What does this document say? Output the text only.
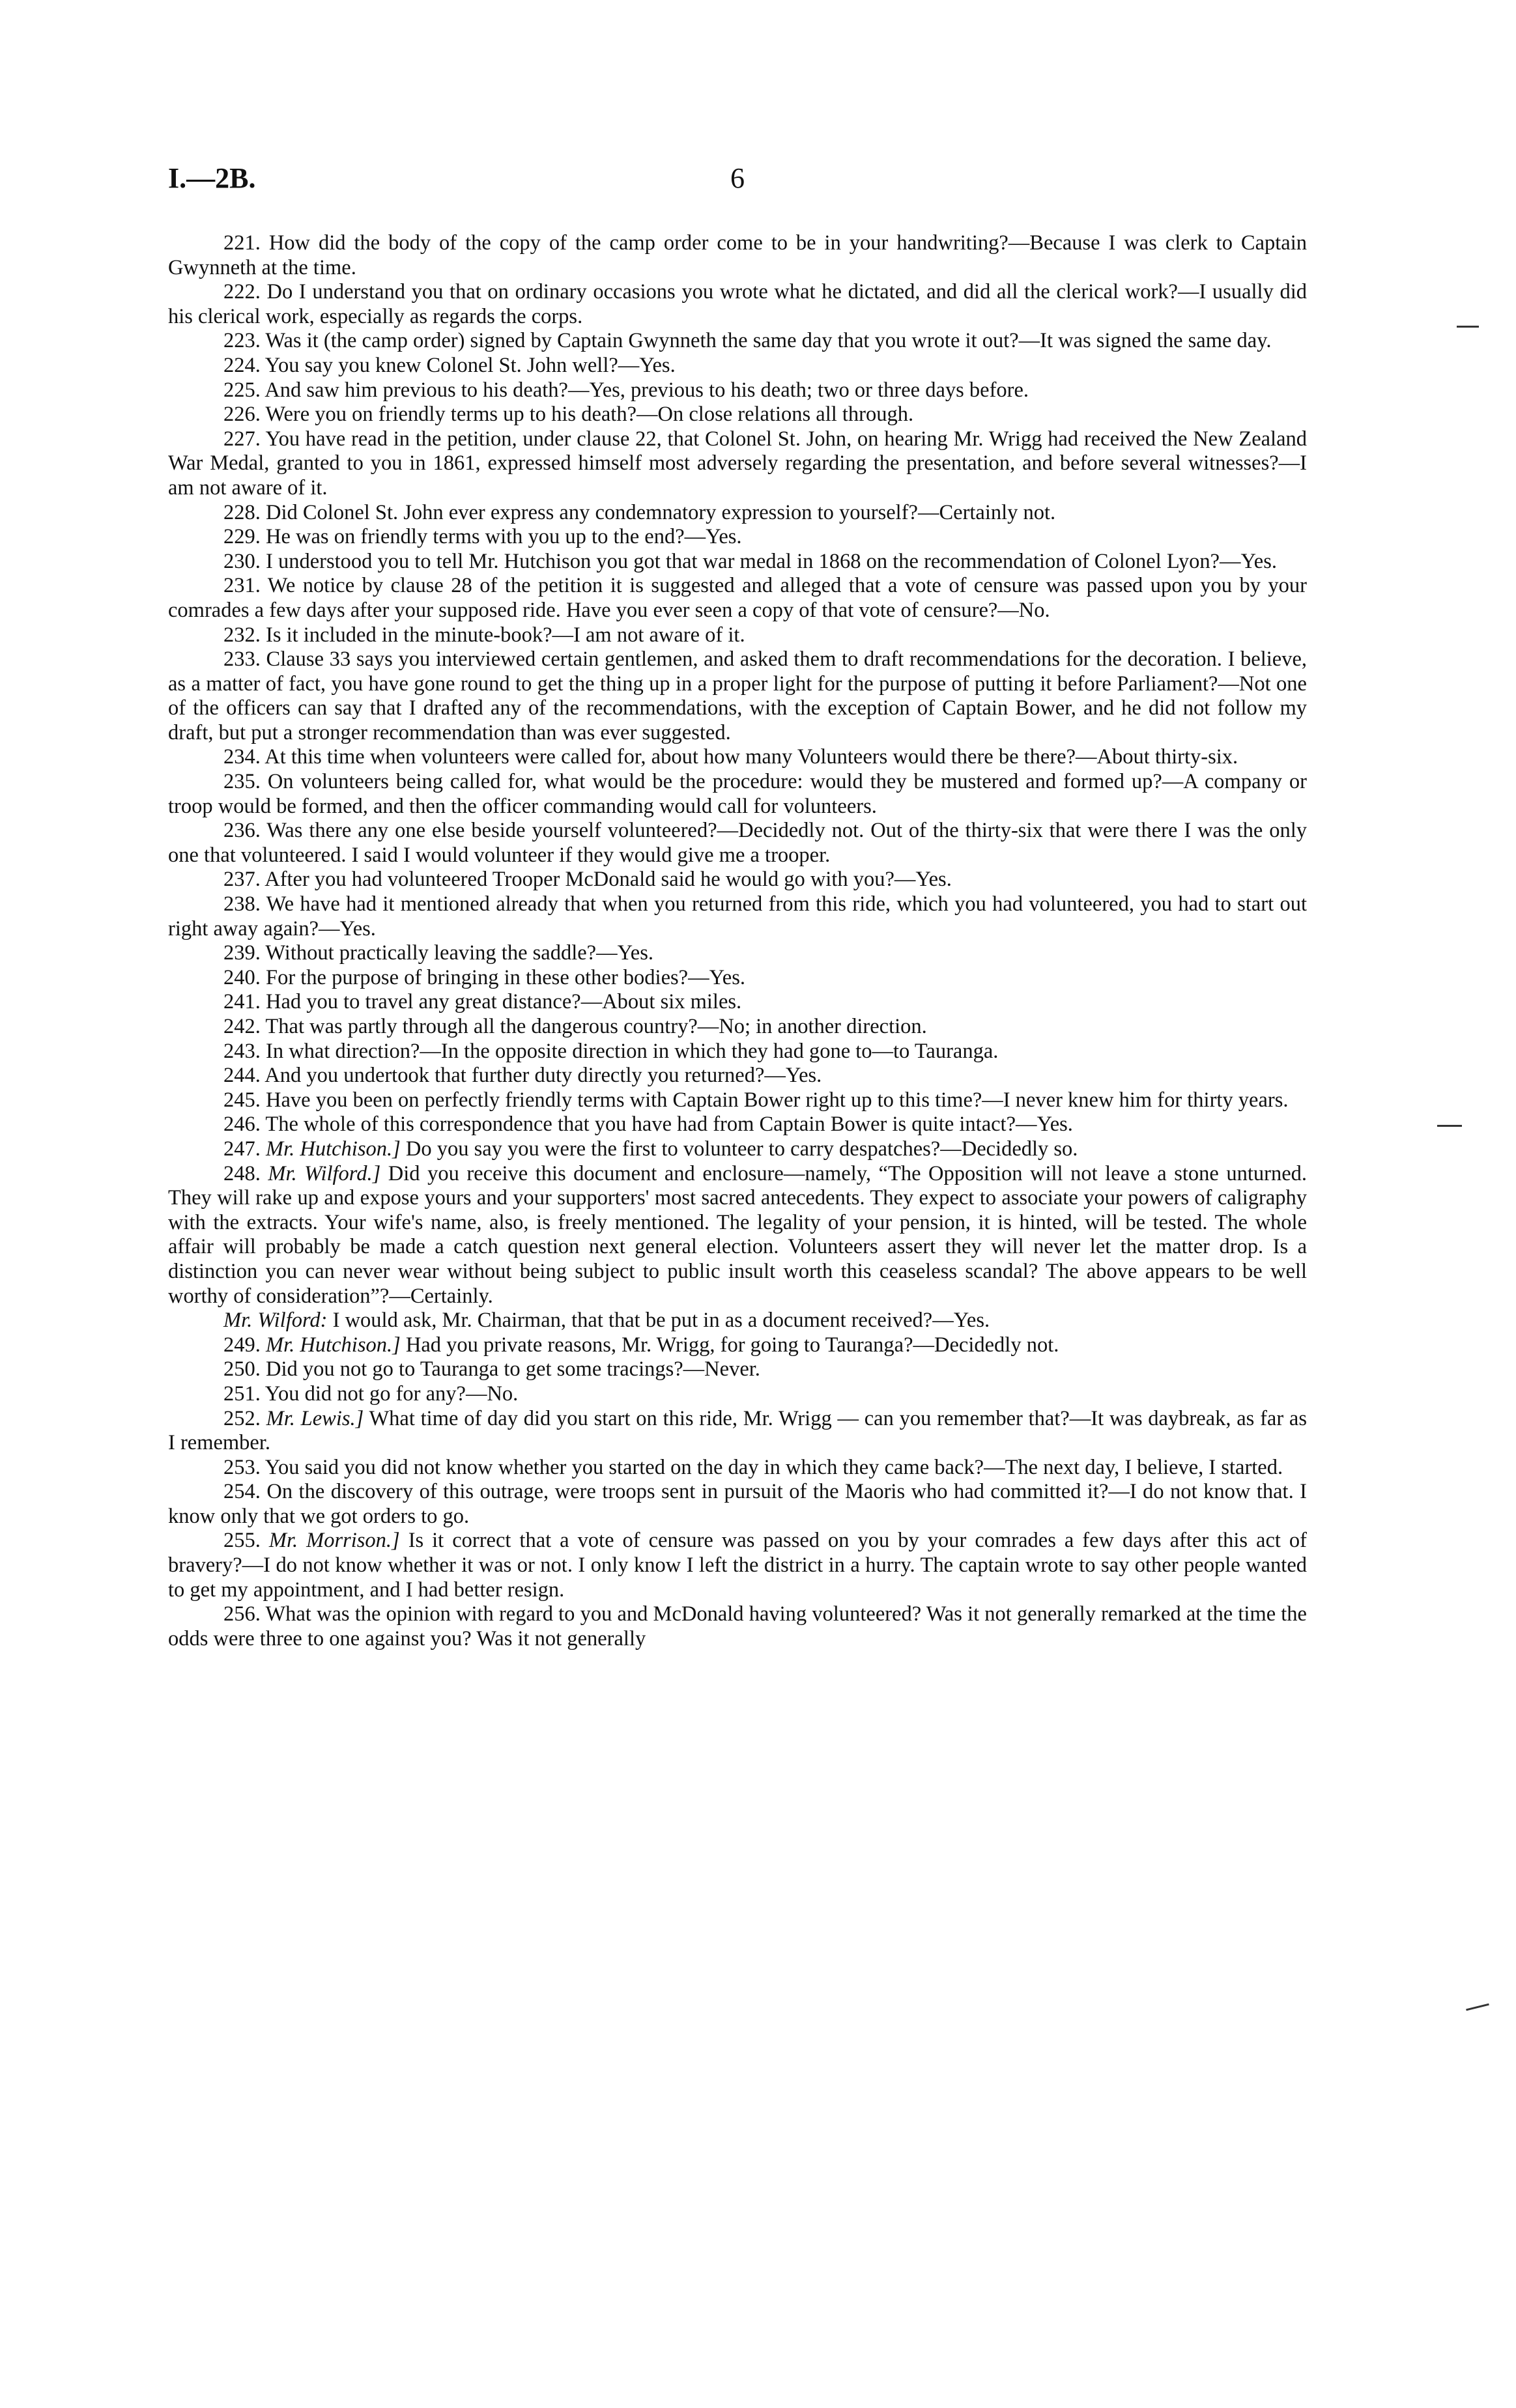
I.—2B.	6

221. How did the body of the copy of the camp order come to be in your handwriting?—Because I was clerk to Captain Gwynneth at the time.

222. Do I understand you that on ordinary occasions you wrote what he dictated, and did all the clerical work?—I usually did his clerical work, especially as regards the corps.

223. Was it (the camp order) signed by Captain Gwynneth the same day that you wrote it out?—It was signed the same day.

224. You say you knew Colonel St. John well?—Yes.

225. And saw him previous to his death?—Yes, previous to his death; two or three days before.

226. Were you on friendly terms up to his death?—On close relations all through.

227. You have read in the petition, under clause 22, that Colonel St. John, on hearing Mr. Wrigg had received the New Zealand War Medal, granted to you in 1861, expressed himself most adversely regarding the presentation, and before several witnesses?—I am not aware of it.

228. Did Colonel St. John ever express any condemnatory expression to yourself?—Certainly not.

229. He was on friendly terms with you up to the end?—Yes.

230. I understood you to tell Mr. Hutchison you got that war medal in 1868 on the recommendation of Colonel Lyon?—Yes.

231. We notice by clause 28 of the petition it is suggested and alleged that a vote of censure was passed upon you by your comrades a few days after your supposed ride. Have you ever seen a copy of that vote of censure?—No.

232. Is it included in the minute-book?—I am not aware of it.

233. Clause 33 says you interviewed certain gentlemen, and asked them to draft recommendations for the decoration. I believe, as a matter of fact, you have gone round to get the thing up in a proper light for the purpose of putting it before Parliament?—Not one of the officers can say that I drafted any of the recommendations, with the exception of Captain Bower, and he did not follow my draft, but put a stronger recommendation than was ever suggested.

234. At this time when volunteers were called for, about how many Volunteers would there be there?—About thirty-six.

235. On volunteers being called for, what would be the procedure: would they be mustered and formed up?—A company or troop would be formed, and then the officer commanding would call for volunteers.

236. Was there any one else beside yourself volunteered?—Decidedly not. Out of the thirty-six that were there I was the only one that volunteered. I said I would volunteer if they would give me a trooper.

237. After you had volunteered Trooper McDonald said he would go with you?—Yes.

238. We have had it mentioned already that when you returned from this ride, which you had volunteered, you had to start out right away again?—Yes.

239. Without practically leaving the saddle?—Yes.

240. For the purpose of bringing in these other bodies?—Yes.

241. Had you to travel any great distance?—About six miles.

242. That was partly through all the dangerous country?—No; in another direction.

243. In what direction?—In the opposite direction in which they had gone to—to Tauranga.

244. And you undertook that further duty directly you returned?—Yes.

245. Have you been on perfectly friendly terms with Captain Bower right up to this time?—I never knew him for thirty years.

246. The whole of this correspondence that you have had from Captain Bower is quite intact?—Yes.

247. Mr. Hutchison.] Do you say you were the first to volunteer to carry despatches?—Decidedly so.

248. Mr. Wilford.] Did you receive this document and enclosure—namely, “The Opposition will not leave a stone unturned. They will rake up and expose yours and your supporters' most sacred antecedents. They expect to associate your powers of caligraphy with the extracts. Your wife's name, also, is freely mentioned. The legality of your pension, it is hinted, will be tested. The whole affair will probably be made a catch question next general election. Volunteers assert they will never let the matter drop. Is a distinction you can never wear without being subject to public insult worth this ceaseless scandal? The above appears to be well worthy of consideration”?—Certainly.

Mr. Wilford: I would ask, Mr. Chairman, that that be put in as a document received?—Yes.

249. Mr. Hutchison.] Had you private reasons, Mr. Wrigg, for going to Tauranga?—Decidedly not.

250. Did you not go to Tauranga to get some tracings?—Never.

251. You did not go for any?—No.

252. Mr. Lewis.] What time of day did you start on this ride, Mr. Wrigg — can you remember that?—It was daybreak, as far as I remember.

253. You said you did not know whether you started on the day in which they came back?—The next day, I believe, I started.

254. On the discovery of this outrage, were troops sent in pursuit of the Maoris who had committed it?—I do not know that. I know only that we got orders to go.

255. Mr. Morrison.] Is it correct that a vote of censure was passed on you by your comrades a few days after this act of bravery?—I do not know whether it was or not. I only know I left the district in a hurry. The captain wrote to say other people wanted to get my appointment, and I had better resign.

256. What was the opinion with regard to you and McDonald having volunteered? Was it not generally remarked at the time the odds were three to one against you? Was it not generally
